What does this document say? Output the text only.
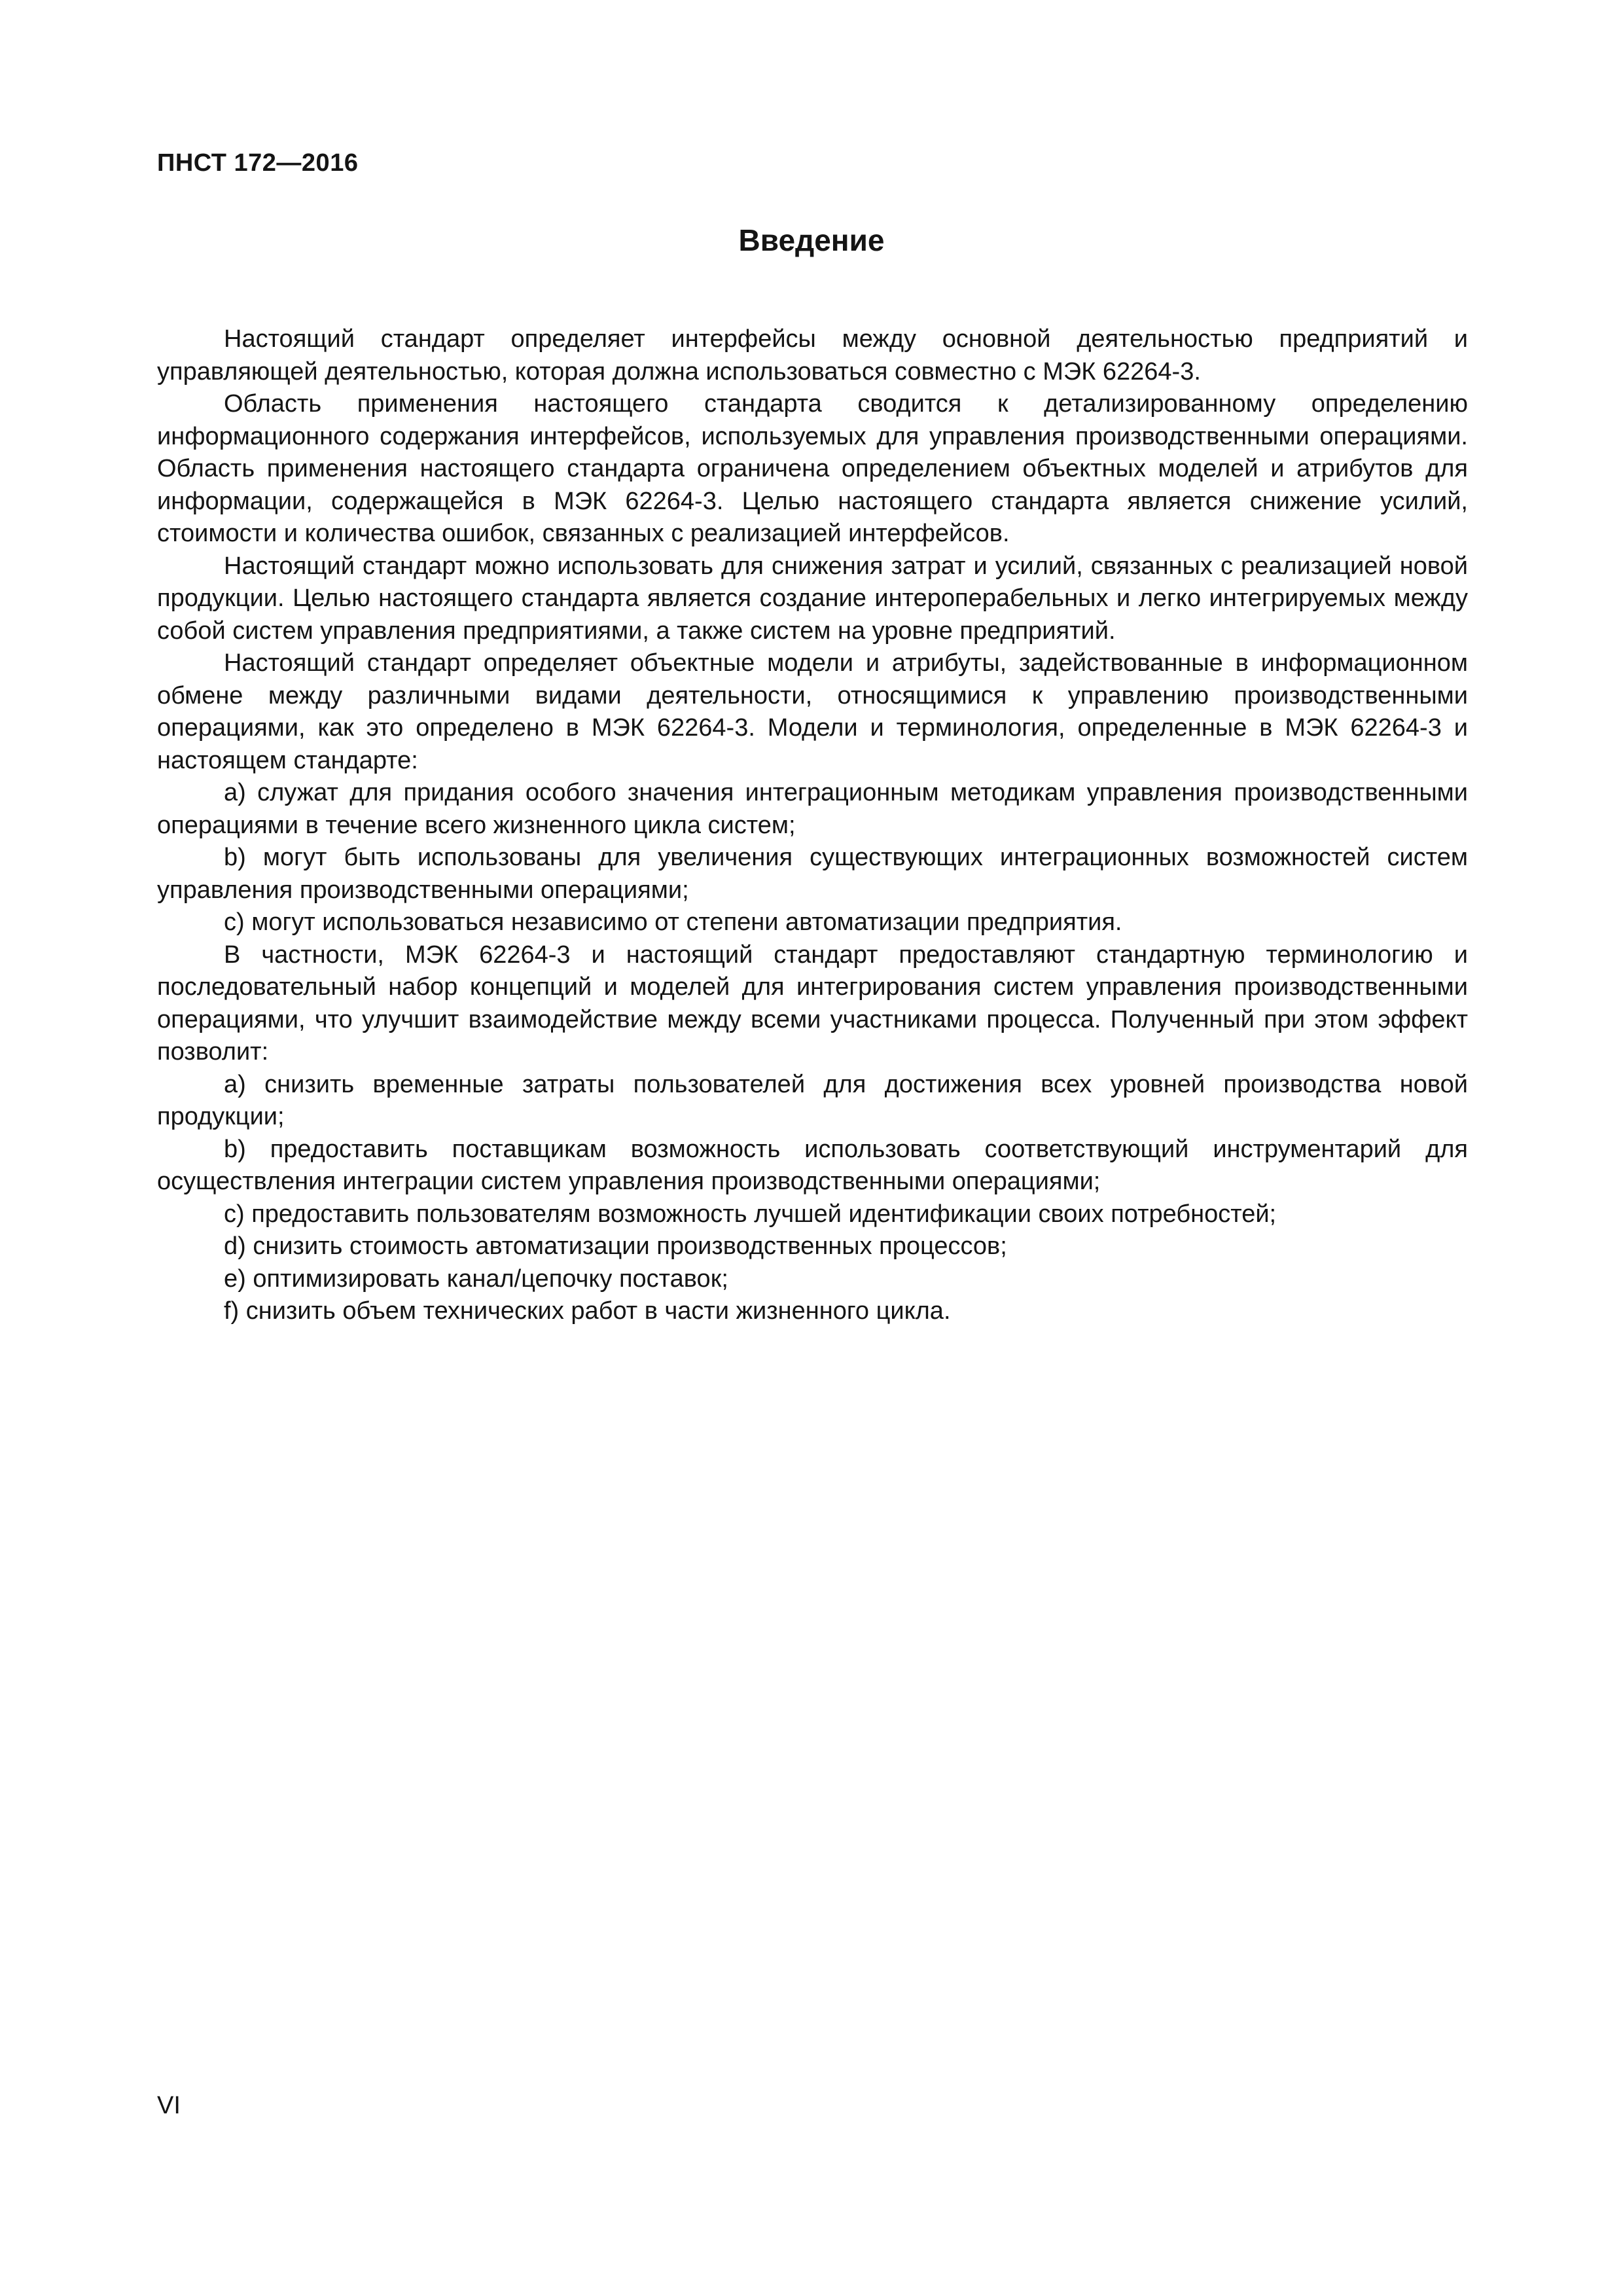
ПНСТ 172—2016
Введение

Настоящий стандарт определяет интерфейсы между основной деятельностью предприятий и управляющей деятельностью, которая должна использоваться совместно с МЭК 62264-3.

Область применения настоящего стандарта сводится к детализированному определению информационного содержания интерфейсов, используемых для управления производственными операциями. Область применения настоящего стандарта ограничена определением объектных моделей и атрибутов для информации, содержащейся в МЭК 62264-3. Целью настоящего стандарта является снижение усилий, стоимости и количества ошибок, связанных с реализацией интерфейсов.

Настоящий стандарт можно использовать для снижения затрат и усилий, связанных с реализацией новой продукции. Целью настоящего стандарта является создание интероперабельных и легко интегрируемых между собой систем управления предприятиями, а также систем на уровне предприятий.

Настоящий стандарт определяет объектные модели и атрибуты, задействованные в информационном обмене между различными видами деятельности, относящимися к управлению производственными операциями, как это определено в МЭК 62264-3. Модели и терминология, определенные в МЭК 62264-3 и настоящем стандарте:

a) служат для придания особого значения интеграционным методикам управления производственными операциями в течение всего жизненного цикла систем;

b) могут быть использованы для увеличения существующих интеграционных возможностей систем управления производственными операциями;

c) могут использоваться независимо от степени автоматизации предприятия.

В частности, МЭК 62264-3 и настоящий стандарт предоставляют стандартную терминологию и последовательный набор концепций и моделей для интегрирования систем управления производственными операциями, что улучшит взаимодействие между всеми участниками процесса. Полученный при этом эффект позволит:

a) снизить временные затраты пользователей для достижения всех уровней производства новой продукции;

b) предоставить поставщикам возможность использовать соответствующий инструментарий для осуществления интеграции систем управления производственными операциями;

c) предоставить пользователям возможность лучшей идентификации своих потребностей;

d) снизить стоимость автоматизации производственных процессов;

e) оптимизировать канал/цепочку поставок;

f) снизить объем технических работ в части жизненного цикла.

VI
